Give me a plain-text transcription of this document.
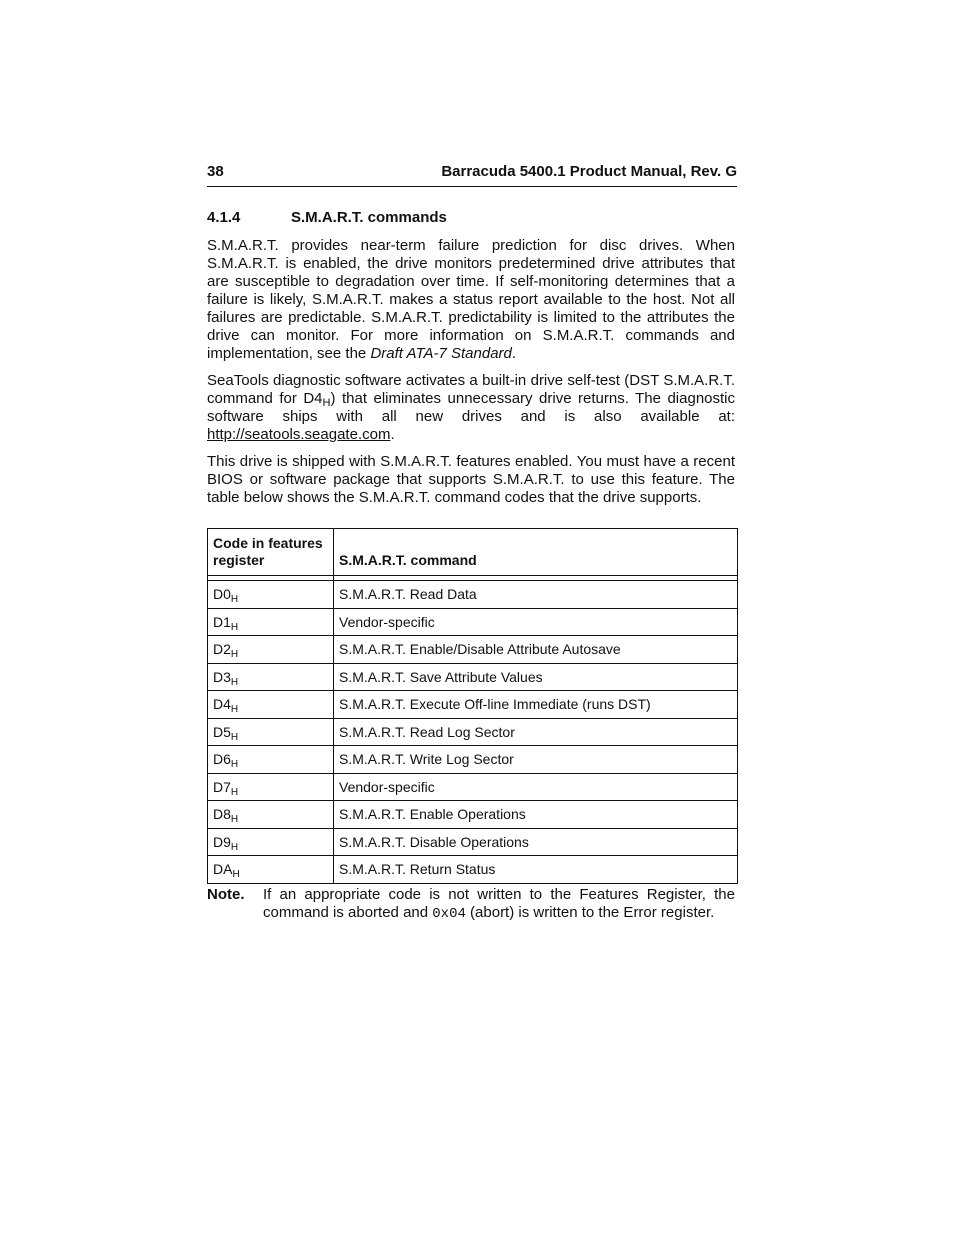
38	Barracuda 5400.1 Product Manual, Rev. G
4.1.4	S.M.A.R.T. commands

S.M.A.R.T. provides near-term failure prediction for disc drives. When S.M.A.R.T. is enabled, the drive monitors predetermined drive attributes that are susceptible to degradation over time. If self-monitoring determines that a failure is likely, S.M.A.R.T. makes a status report available to the host. Not all failures are predictable. S.M.A.R.T. predictability is limited to the attributes the drive can monitor. For more information on S.M.A.R.T. commands and implementation, see the Draft ATA-7 Standard.

SeaTools diagnostic software activates a built-in drive self-test (DST S.M.A.R.T. command for $D4_H$) that eliminates unnecessary drive returns. The diagnostic software ships with all new drives and is also available at: http://seatools.seagate.com.

This drive is shipped with S.M.A.R.T. features enabled. You must have a recent BIOS or software package that supports S.M.A.R.T. to use this feature. The table below shows the S.M.A.R.T. command codes that the drive supports.

Code in features register	S.M.A.R.T. command
$D0_H$	S.M.A.R.T. Read Data
$D1_H$	Vendor-specific
$D2_H$	S.M.A.R.T. Enable/Disable Attribute Autosave
$D3_H$	S.M.A.R.T. Save Attribute Values
$D4_H$	S.M.A.R.T. Execute Off-line Immediate (runs DST)
$D5_H$	S.M.A.R.T. Read Log Sector
$D6_H$	S.M.A.R.T. Write Log Sector
$D7_H$	Vendor-specific
$D8_H$	S.M.A.R.T. Enable Operations
$D9_H$	S.M.A.R.T. Disable Operations
$DA_H$	S.M.A.R.T. Return Status
Note.	If an appropriate code is not written to the Features Register, the command is aborted and 0x04 (abort) is written to the Error register.
